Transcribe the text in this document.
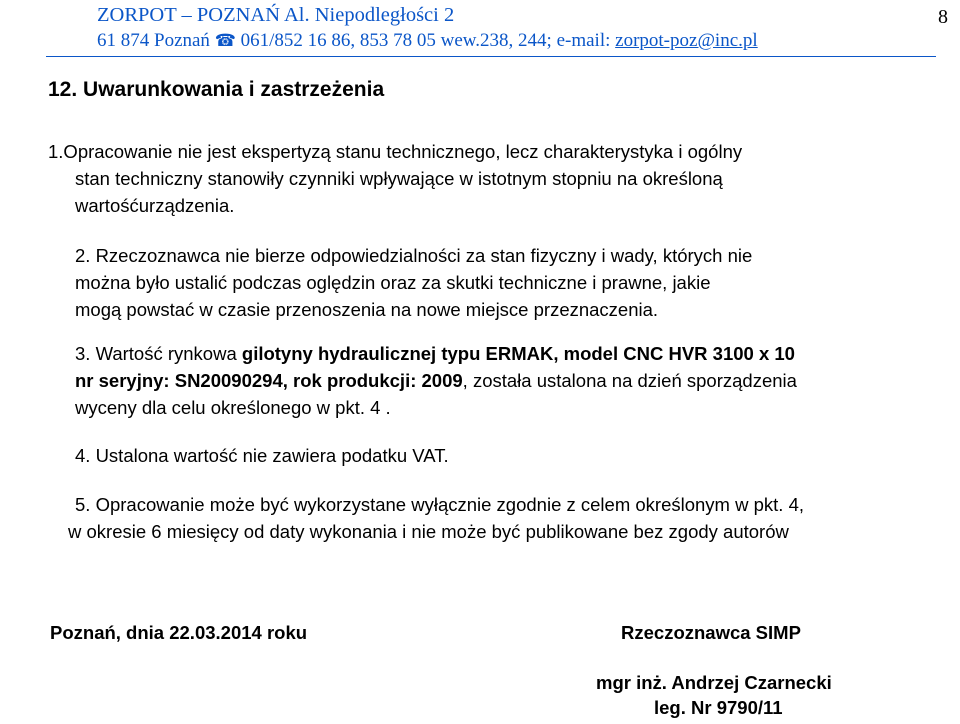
ZORPOT – POZNAŃ Al. Niepodległości 2
61 874 Poznań ☎ 061/852 16 86, 853 78 05 wew.238, 244; e-mail: zorpot-poz@inc.pl
8
12. Uwarunkowania i zastrzeżenia
1.Opracowanie nie jest ekspertyzą stanu technicznego, lecz charakterystyka i ogólny
stan techniczny stanowiły czynniki wpływające w istotnym stopniu na określoną
wartośćurządzenia.
2. Rzeczoznawca nie bierze odpowiedzialności za stan fizyczny i wady, których nie
można było ustalić podczas oględzin oraz za skutki techniczne i prawne, jakie
mogą powstać w czasie przenoszenia na nowe miejsce przeznaczenia.
3. Wartość rynkowa gilotyny hydraulicznej typu ERMAK, model CNC HVR 3100 x 10
nr seryjny: SN20090294, rok produkcji: 2009, została ustalona na dzień sporządzenia
wyceny dla celu określonego w pkt. 4 .
4. Ustalona wartość nie zawiera podatku VAT.
5. Opracowanie może być wykorzystane wyłącznie zgodnie z celem określonym w pkt. 4,
w okresie 6 miesięcy od daty wykonania i nie może być publikowane bez zgody autorów
Poznań, dnia 22.03.2014 roku	Rzeczoznawca SIMP
mgr inż. Andrzej Czarnecki
leg. Nr 9790/11
